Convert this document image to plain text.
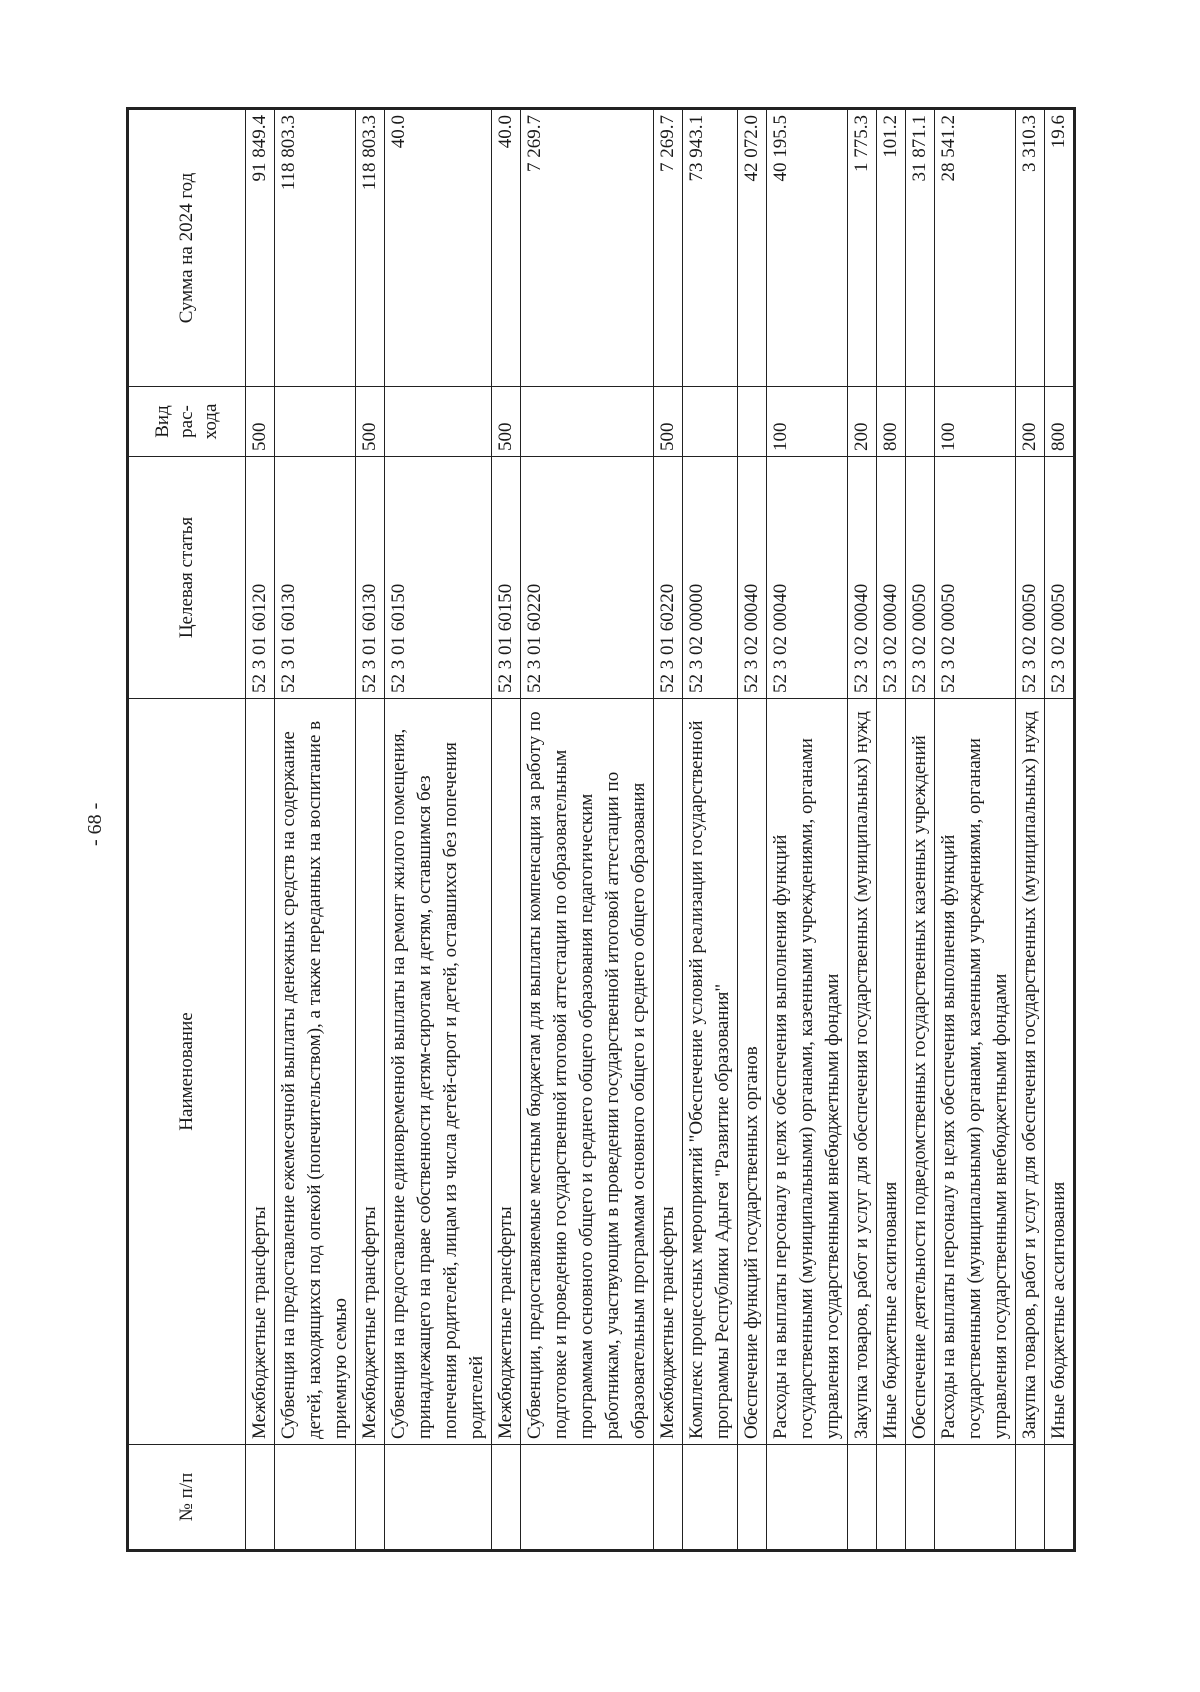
- 68 -
№ п/п	Наименование	Целевая статья	Вид рас-хода	Сумма на 2024 год
	Межбюджетные трансферты	52 3 01 60120	500	91 849.4
	Субвенция на предоставление ежемесячной выплаты денежных средств на содержание детей, находящихся под опекой (попечительством), а также переданных на воспитание в приемную семью	52 3 01 60130		118 803.3
	Межбюджетные трансферты	52 3 01 60130	500	118 803.3
	Субвенция на предоставление единовременной выплаты на ремонт жилого помещения, принадлежащего на праве собственности детям-сиротам и детям, оставшимся без попечения родителей, лицам из числа детей-сирот и детей, оставшихся без попечения родителей	52 3 01 60150		40.0
	Межбюджетные трансферты	52 3 01 60150	500	40.0
	Субвенции, предоставляемые местным бюджетам для выплаты компенсации за работу по подготовке и проведению государственной итоговой аттестации по образовательным программам основного общего и среднего общего образования педагогическим работникам, участвующим в проведении государственной итоговой аттестации по образовательным программам основного общего и среднего общего образования	52 3 01 60220		7 269.7
	Межбюджетные трансферты	52 3 01 60220	500	7 269.7
	Комплекс процессных мероприятий "Обеспечение условий реализации государственной программы Республики Адыгея "Развитие образования"	52 3 02 00000		73 943.1
	Обеспечение функций государственных органов	52 3 02 00040		42 072.0
	Расходы на выплаты персоналу в целях обеспечения выполнения функций государственными (муниципальными) органами, казенными учреждениями, органами управления государственными внебюджетными фондами	52 3 02 00040	100	40 195.5
	Закупка товаров, работ и услуг для обеспечения государственных (муниципальных) нужд	52 3 02 00040	200	1 775.3
	Иные бюджетные ассигнования	52 3 02 00040	800	101.2
	Обеспечение деятельности подведомственных государственных казенных учреждений	52 3 02 00050		31 871.1
	Расходы на выплаты персоналу в целях обеспечения выполнения функций государственными (муниципальными) органами, казенными учреждениями, органами управления государственными внебюджетными фондами	52 3 02 00050	100	28 541.2
	Закупка товаров, работ и услуг для обеспечения государственных (муниципальных) нужд	52 3 02 00050	200	3 310.3
	Иные бюджетные ассигнования	52 3 02 00050	800	19.6
